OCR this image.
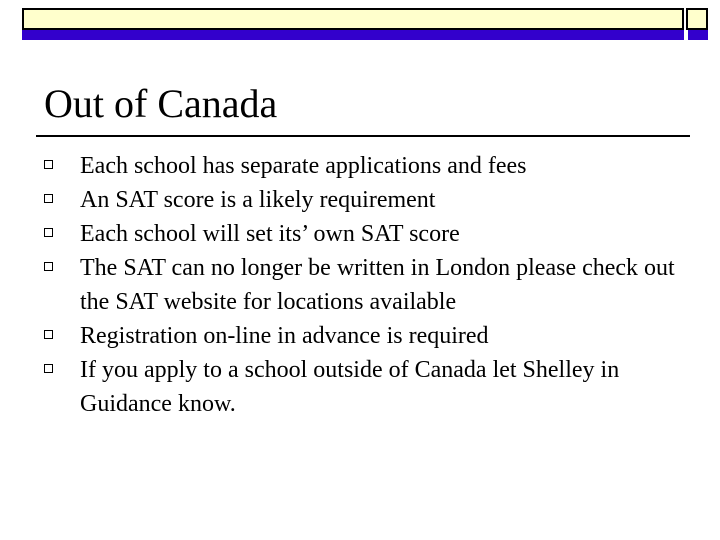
Out of Canada
Each school has separate applications and fees
An SAT score is a likely requirement
Each school will set its’ own SAT score
The SAT can no longer be written in London please check out the SAT website for locations available
Registration on-line in advance is required
If you apply to a school outside of Canada let Shelley in Guidance know.
